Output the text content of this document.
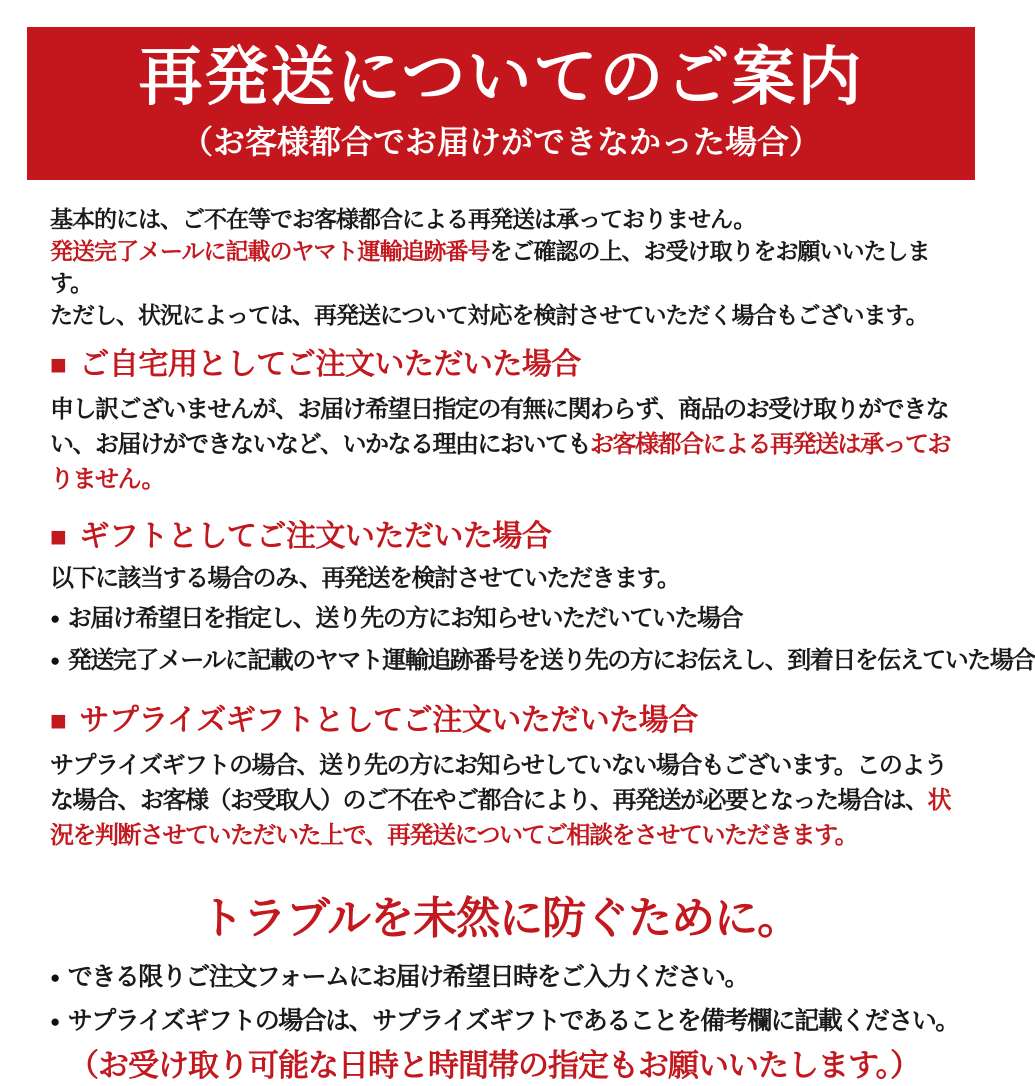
再発送についてのご案内
（お客様都合でお届けができなかった場合）
基本的には、ご不在等でお客様都合による再発送は承っておりません。
発送完了メールに記載のヤマト運輸追跡番号をご確認の上、お受け取りをお願いいたします。
ただし、状況によっては、再発送について対応を検討させていただく場合もございます。
■ ご自宅用としてご注文いただいた場合
申し訳ございませんが、お届け希望日指定の有無に関わらず、商品のお受け取りができない、お届けができないなど、いかなる理由においてもお客様都合による再発送は承っておりません。
■ ギフトとしてご注文いただいた場合
以下に該当する場合のみ、再発送を検討させていただきます。
● お届け希望日を指定し、送り先の方にお知らせいただいていた場合
● 発送完了メールに記載のヤマト運輸追跡番号を送り先の方にお伝えし、到着日を伝えていた場合
■ サプライズギフトとしてご注文いただいた場合
サプライズギフトの場合、送り先の方にお知らせしていない場合もございます。このような場合、お客様（お受取人）のご不在やご都合により、再発送が必要となった場合は、状況を判断させていただいた上で、再発送についてご相談をさせていただきます。
トラブルを未然に防ぐために。
● できる限りご注文フォームにお届け希望日時をご入力ください。
● サプライズギフトの場合は、サプライズギフトであることを備考欄に記載ください。
（お受け取り可能な日時と時間帯の指定もお願いいたします。）
